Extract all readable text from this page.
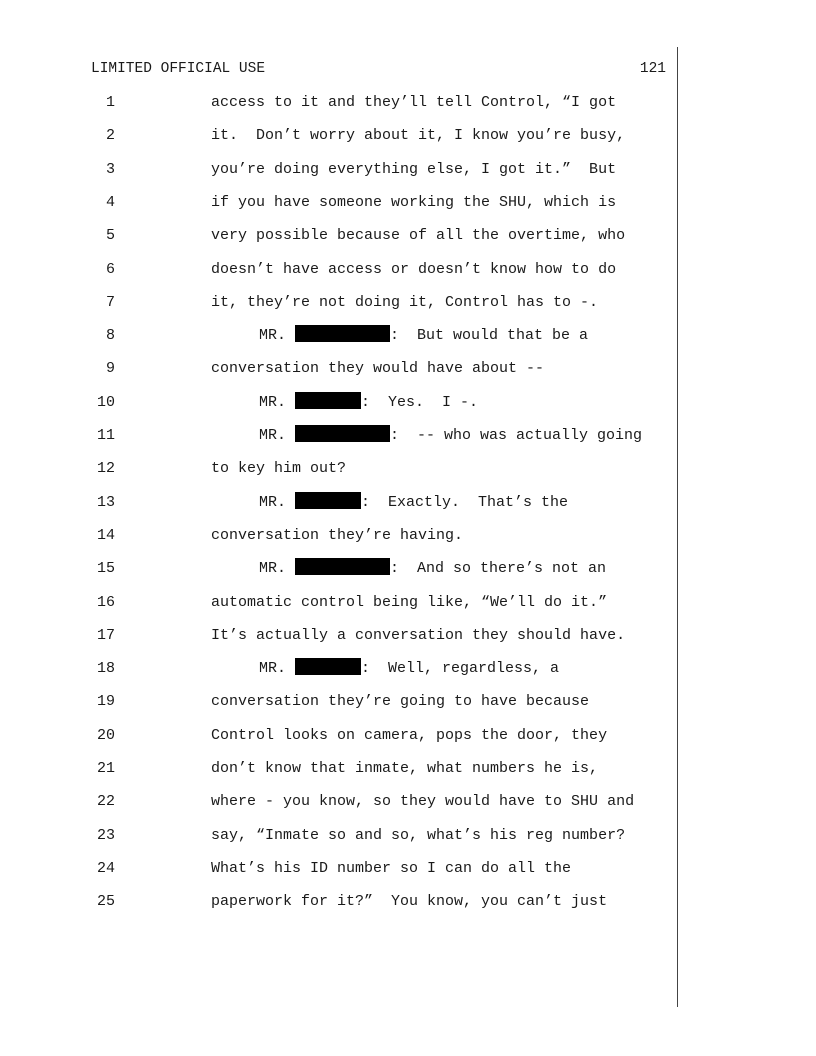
LIMITED OFFICIAL USE	121
1	access to it and they’ll tell Control, “I got
2	it.  Don’t worry about it, I know you’re busy,
3	you’re doing everything else, I got it.”  But
4	if you have someone working the SHU, which is
5	very possible because of all the overtime, who
6	doesn’t have access or doesn’t know how to do
7	it, they’re not doing it, Control has to -.
8	MR.	:  But would that be a
9	conversation they would have about --
10	MR.	:  Yes.  I -.
11	MR.	:  -- who was actually going
12	to key him out?
13	MR.	:  Exactly.  That’s the
14	conversation they’re having.
15	MR.	:  And so there’s not an
16	automatic control being like, “We’ll do it.”
17	It’s actually a conversation they should have.
18	MR.	:  Well, regardless, a
19	conversation they’re going to have because
20	Control looks on camera, pops the door, they
21	don’t know that inmate, what numbers he is,
22	where - you know, so they would have to SHU and
23	say, “Inmate so and so, what’s his reg number?
24	What’s his ID number so I can do all the
25	paperwork for it?”  You know, you can’t just
